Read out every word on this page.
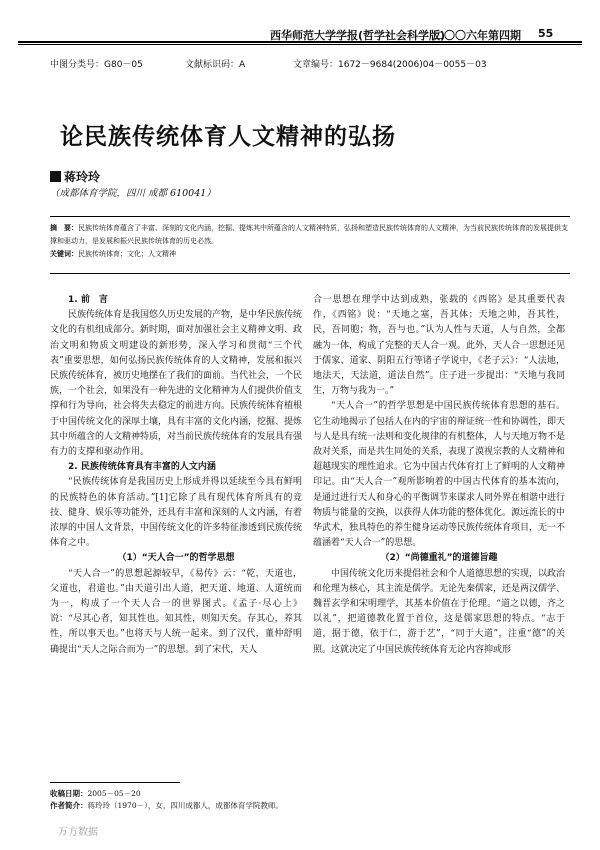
西华师范大学学报(哲学社会科学版)
二〇〇六年第四期 55
中图分类号：G80－05	文献标识码：A	文章编号：1672－9684(2006)04－0055－03
论民族传统体育人文精神的弘扬
蒋玲玲
（成都体育学院，四川 成都 610041）
摘　要：民族传统体育蕴含了丰富、深刻的文化内涵，挖掘、提炼其中所蕴含的人文精神特质，弘扬和塑造民族传统体育的人文精神，为当前民族传统体育的发展提供支撑和驱动力，是发展和振兴民族传统体育的历史必然。
关键词：民族传统体育；文化；人文精神

1. 前　言

民族传统体育是我国悠久历史发展的产物，是中华民族传统文化的有机组成部分。新时期，面对加强社会主义精神文明、政治文明和物质文明建设的新形势，深入学习和贯彻“三个代表”重要思想，如何弘扬民族传统体育的人文精神，发展和振兴民族传统体育，被历史地摆在了我们的面前。当代社会，一个民族，一个社会，如果没有一种先进的文化精神为人们提供价值支撑和行为导向，社会将失去稳定的前进方向。民族传统体育植根于中国传统文化的深厚土壤，具有丰富的文化内涵，挖掘、提炼其中所蕴含的人文精神特质，对当前民族传统体育的发展具有强有力的支撑和驱动作用。

2. 民族传统体育具有丰富的人文内涵

“民族传统体育是我国历史上形成并得以延续至今具有鲜明的民族特色的体育活动。”[1]它除了具有现代体育所具有的竞技、健身、娱乐等功能外，还具有丰富和深刻的人文内涵，有着浓厚的中国人文背景，中国传统文化的许多特征渗透到民族传统体育之中。

（1）“天人合一”的哲学思想

“天人合一”的思想起源较早，《易传》云：“乾，天道也，父道也，君道也。”由天道引出人道，把天道、地道、人道统而为一，构成了一个天人合一的世界图式。《孟子·尽心上》说：“尽其心者，知其性也。知其性，则知天矣。存其心，养其性，所以事天也。”也将天与人统一起来。到了汉代，董仲舒明确提出“天人之际合而为一”的思想。到了宋代，天人

合一思想在理学中达到成熟，张载的《西铭》是其重要代表作，《西铭》说：“天地之塞，吾其体；天地之帅，吾其性，民，吾同胞；物，吾与也。”认为人性与天道，人与自然，全都融为一体，构成了完整的天人合一观。此外，天人合一思想还见于儒家、道家、阴阳五行等诸子学说中，《老子云》：“人法地，地法天，天法道，道法自然”。庄子进一步提出：“天地与我同生，万物与我为一。”

“天人合一”的哲学思想是中国民族传统体育思想的基石。它生动地揭示了包括人在内的宇宙的辩证统一性和协调性，即天与人是具有统一法则和变化规律的有机整体，人与天地万物不是敌对关系，而是共生同处的关系，表现了漠视宗教的人文精神和超越现实的理性追求。它为中国古代体育打上了鲜明的人文精神印记。由“天人合一”观所影响着的中国古代体育的基本流向，是通过进行天人和身心的平衡调节来谋求人同外界在相谐中进行物质与能量的交换，以获得人体功能的整体优化。源远流长的中华武术，独具特色的养生健身运动等民族传统体育项目，无一不蕴涵着“天人合一”的思想。

（2）“尚德重礼”的道德旨趣

中国传统文化历来提倡社会和个人道德思想的实现，以政治和伦理为核心，其主流是儒学。无论先秦儒家，还是两汉儒学、魏晋玄学和宋明理学，其基本价值在于伦理。“道之以德，齐之以礼”，把道德教化置于首位，这是儒家思想的特点。“志于道，据于德，依于仁，游于艺”，“同于大道”，注重“德”的关照。这就决定了中国民族传统体育无论内容抑或形

收稿日期：2005－05－20
作者简介：蒋玲玲（1970－），女，四川成都人，成都体育学院教师。
万方数据
